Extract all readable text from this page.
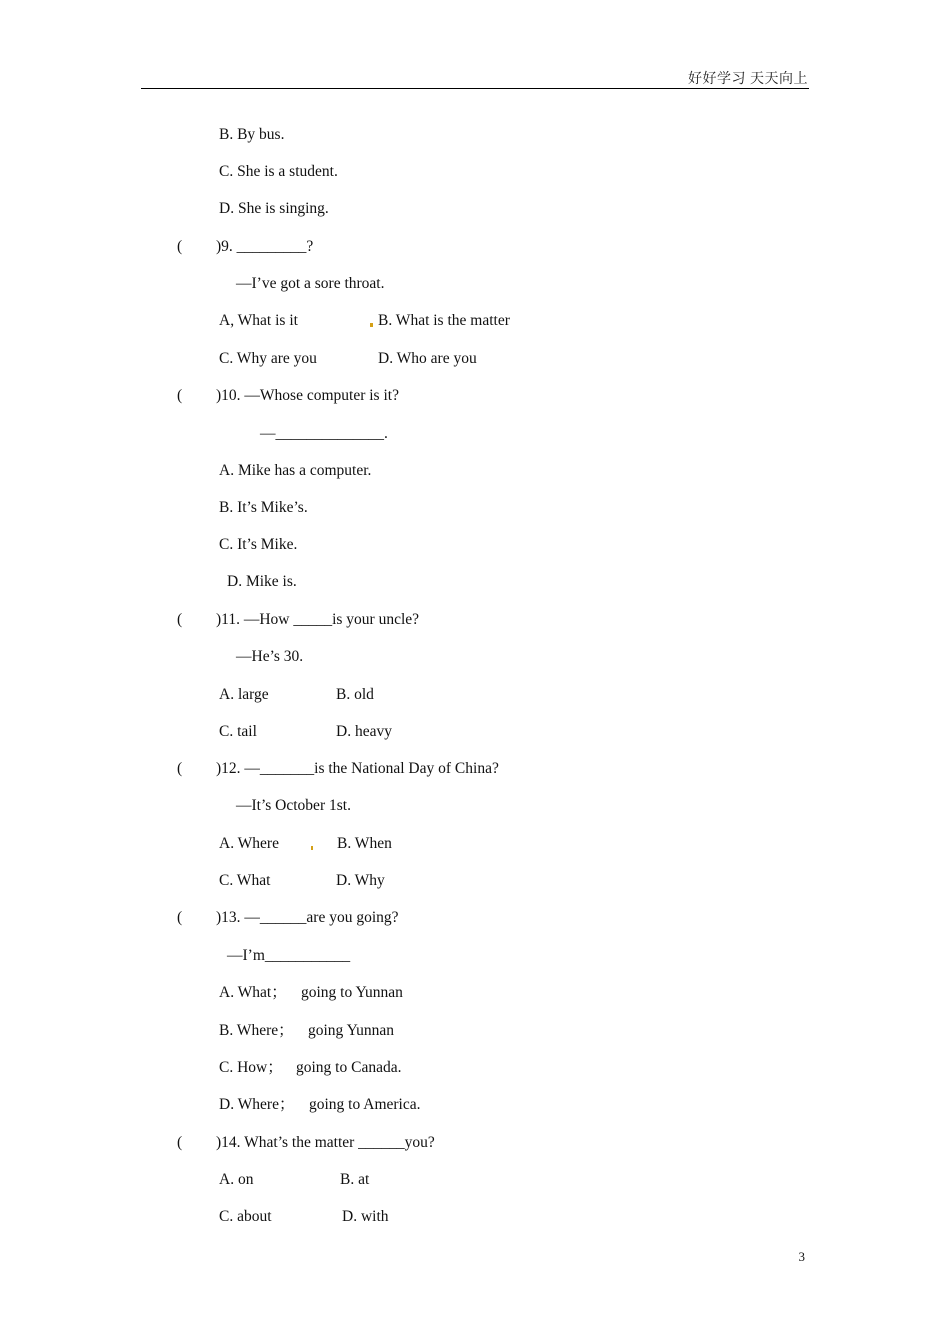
好好学习 天天向上
B. By bus.
C. She is a student.
D. She is singing.
( )9. _________?
—I’ve got a sore throat.
A, What is it	B. What is the matter
C. Why are you	D. Who are you
( )10. —Whose computer is it?
—______________.
A. Mike has a computer.
B. It’s Mike’s.
C. It’s Mike.
D. Mike is.
( )11. —How _____is your uncle?
—He’s 30.
A. large	B. old
C. tail	D. heavy
( )12. —_______is the National Day of China?
—It’s October 1st.
A. Where	B. When
C. What	D. Why
( )13. —______are you going?
—I’m___________
A. What； going to Yunnan
B. Where； going Yunnan
C. How； going to Canada.
D. Where； going to America.
( )14. What’s the matter ______you?
A. on	B. at
C. about	D. with
3
